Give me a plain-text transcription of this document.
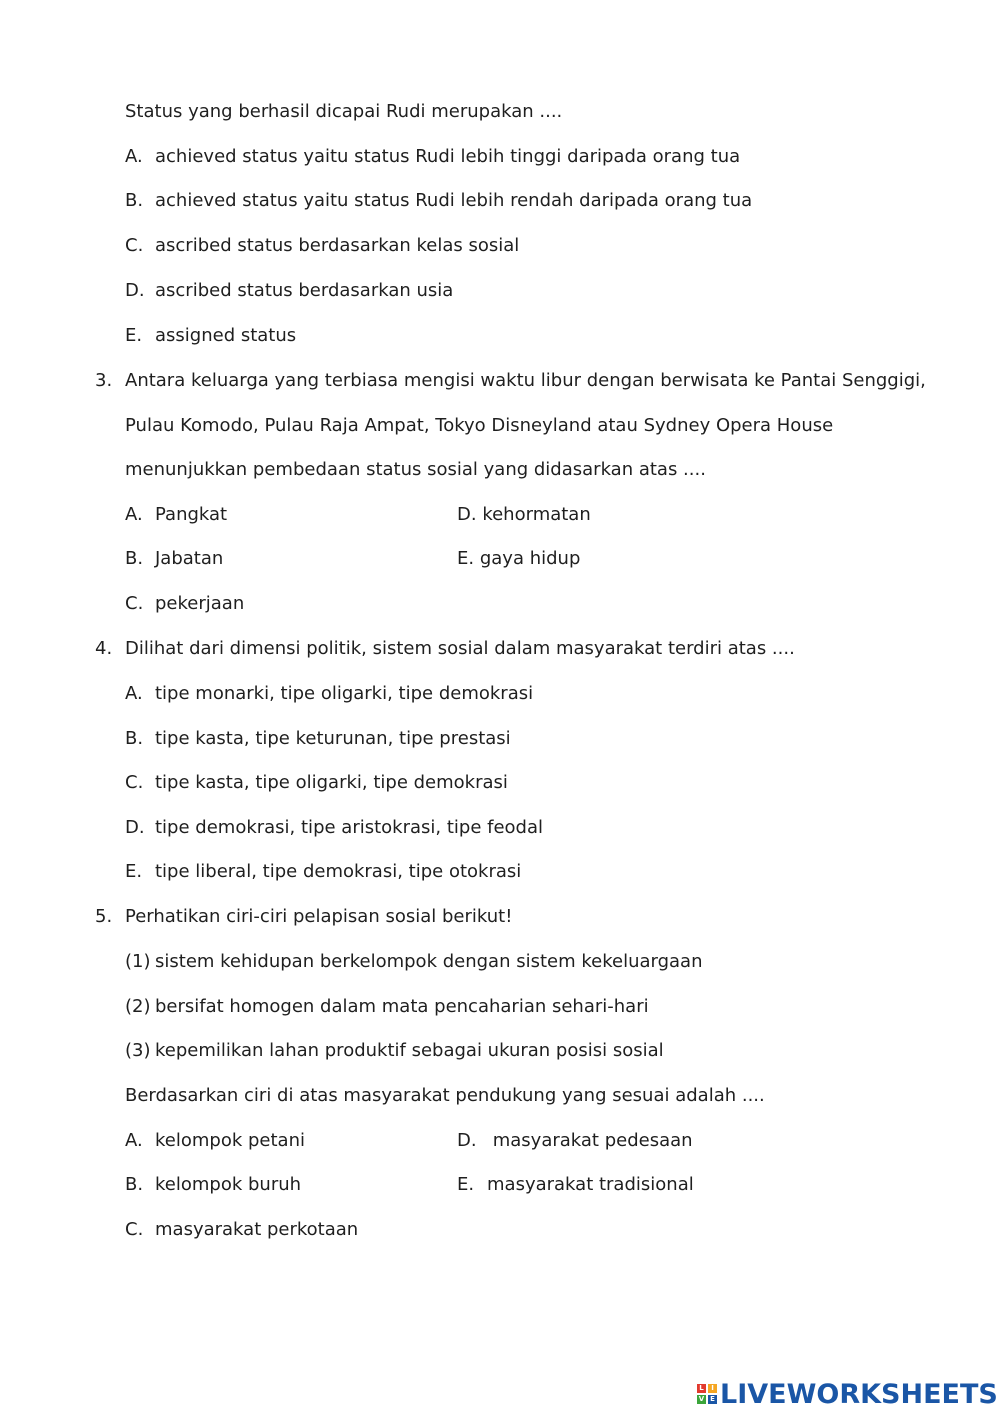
Status yang berhasil dicapai Rudi merupakan ....
A. achieved status yaitu status Rudi lebih tinggi daripada orang tua
B. achieved status yaitu status Rudi lebih rendah daripada orang tua
C. ascribed status berdasarkan kelas sosial
D. ascribed status berdasarkan usia
E. assigned status
3. Antara keluarga yang terbiasa mengisi waktu libur dengan berwisata ke Pantai Senggigi,
Pulau Komodo, Pulau Raja Ampat, Tokyo Disneyland atau Sydney Opera House
menunjukkan pembedaan status sosial yang didasarkan atas ....
A. Pangkat	D. kehormatan
B. Jabatan	E. gaya hidup
C. pekerjaan
4. Dilihat dari dimensi politik, sistem sosial dalam masyarakat terdiri atas ....
A. tipe monarki, tipe oligarki, tipe demokrasi
B. tipe kasta, tipe keturunan, tipe prestasi
C. tipe kasta, tipe oligarki, tipe demokrasi
D. tipe demokrasi, tipe aristokrasi, tipe feodal
E. tipe liberal, tipe demokrasi, tipe otokrasi
5. Perhatikan ciri-ciri pelapisan sosial berikut!
(1) sistem kehidupan berkelompok dengan sistem kekeluargaan
(2) bersifat homogen dalam mata pencaharian sehari-hari
(3) kepemilikan lahan produktif sebagai ukuran posisi sosial
Berdasarkan ciri di atas masyarakat pendukung yang sesuai adalah ....
A. kelompok petani	D. masyarakat pedesaan
B. kelompok buruh	E. masyarakat tradisional
C. masyarakat perkotaan
L	I
V E LIVEWORKSHEETS
